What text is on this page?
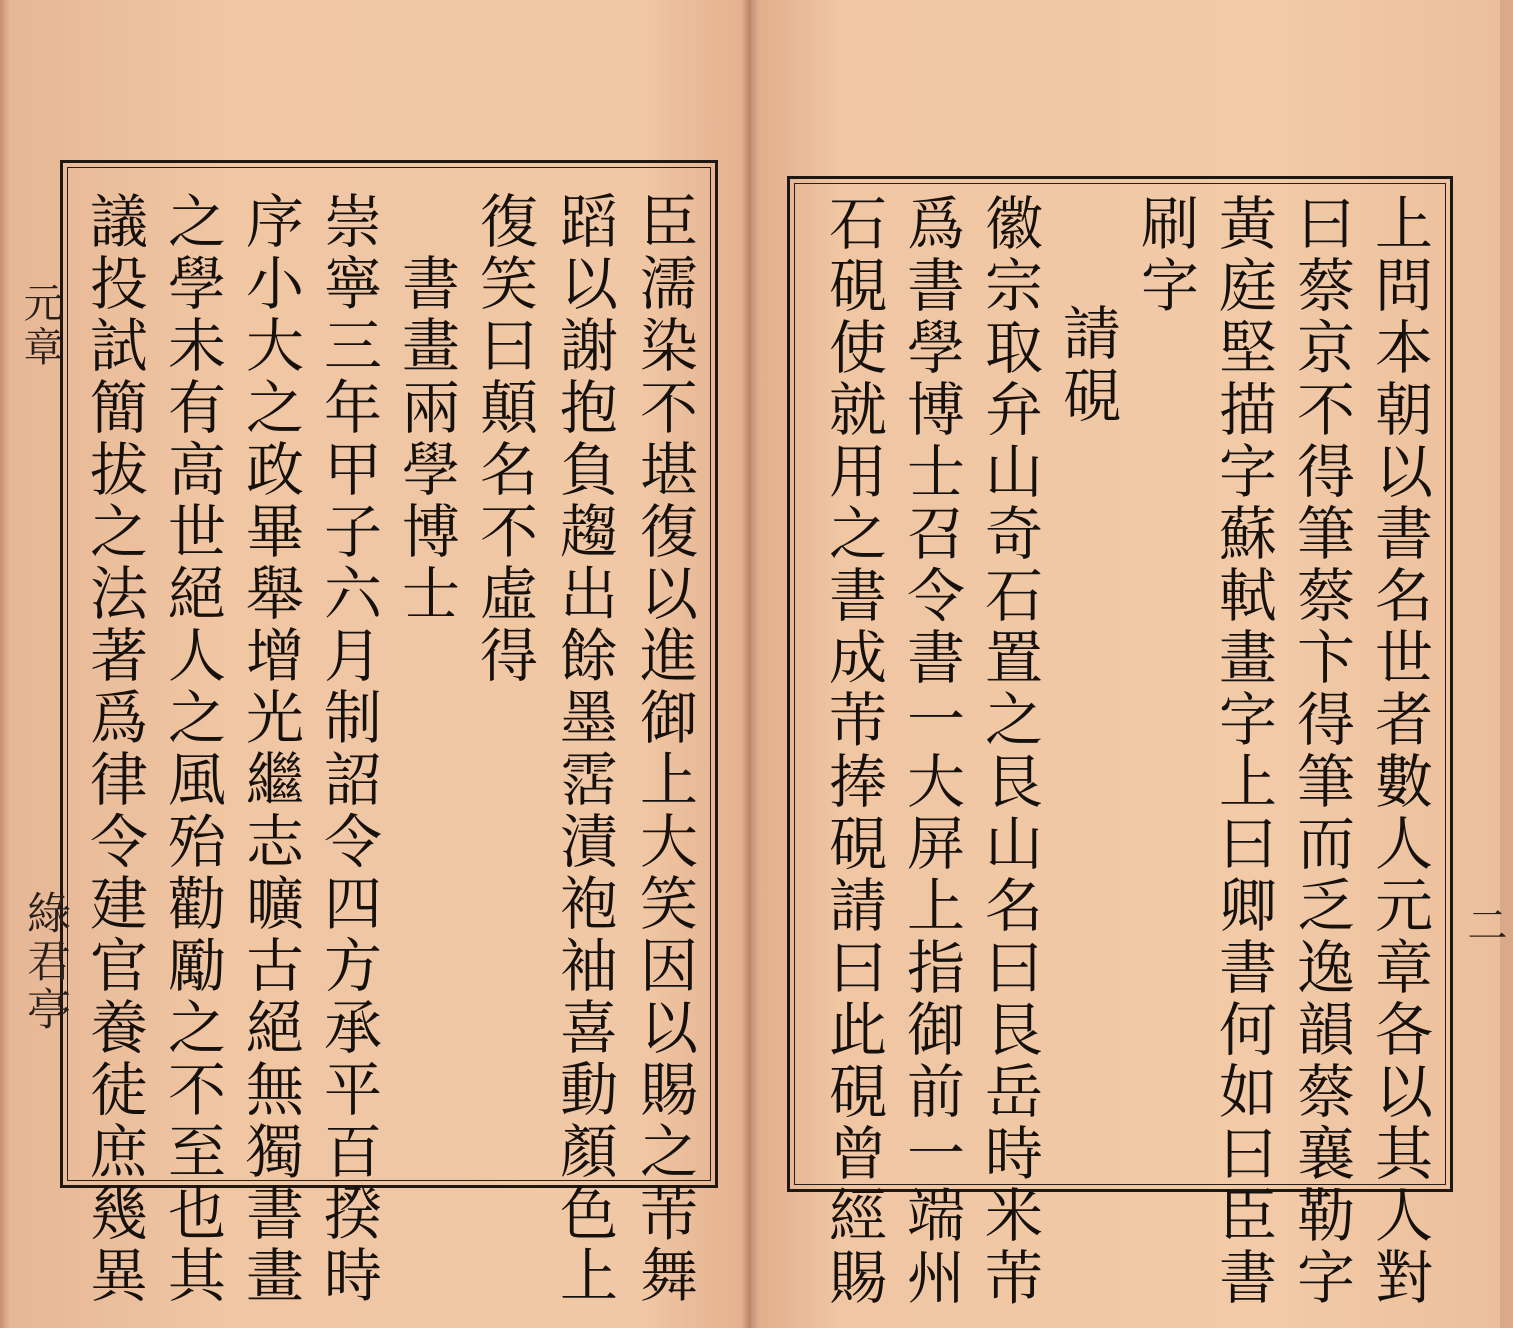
臣濡染不堪復以進御上大笑因以賜之芾舞
蹈以謝抱負趨出餘墨霑漬袍袖喜動顏色上
復笑曰顛名不虛得
書畫兩學博士
崇寧三年甲子六月制詔令四方承平百揆時
序小大之政畢舉增光繼志曠古絕無獨書畫
之學未有高世絕人之風殆勸勵之不至也其
議投試簡拔之法著爲律令建官養徒庶幾異
元章
綠君亭	上問本朝以書名世者數人元章各以其人對
曰蔡京不得筆蔡卞得筆而乏逸韻蔡襄勒字
黃庭堅描字蘇軾畫字上曰卿書何如曰臣書
刷字
請硯
徽宗取弁山奇石置之艮山名曰艮岳時米芾
爲書學博士召令書一大屏上指御前一端州
石硯使就用之書成芾捧硯請曰此硯曾經賜	二
